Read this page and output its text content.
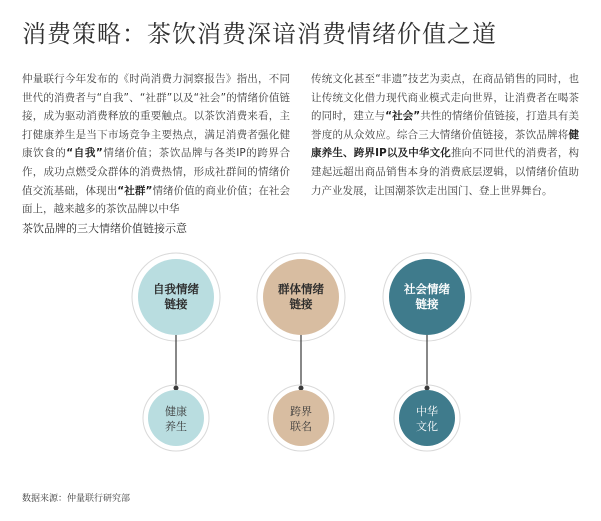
消费策略：茶饮消费深谙消费情绪价值之道
仲量联行今年发布的《时尚消费力洞察报告》指出，不同世代的消费者与“自我”、“社群”以及“社会”的情绪价值链接，成为驱动消费释放的重要触点。以茶饮消费来看，主打健康养生是当下市场竞争主要热点，满足消费者强化健康饮食的“自我”情绪价值；茶饮品牌与各类IP的跨界合作，成功点燃受众群体的消费热情，形成社群间的情绪价值交流基础，体现出“社群”情绪价值的商业价值；在社会面上，越来越多的茶饮品牌以中华
传统文化甚至“非遗”技艺为卖点，在商品销售的同时，也让传统文化借力现代商业模式走向世界，让消费者在喝茶的同时，建立与“社会”共性的情绪价值链接，打造具有美誉度的从众效应。综合三大情绪价值链接，茶饮品牌将健康养生、跨界IP以及中华文化推向不同世代的消费者，构建起远超出商品销售本身的消费底层逻辑，以情绪价值助力产业发展，让国潮茶饮走出国门、登上世界舞台。
茶饮品牌的三大情绪价值链接示意
自我情绪
链接
健康
养生
群体情绪
链接
跨界
联名
社会情绪
链接
中华
文化
数据来源：仲量联行研究部
